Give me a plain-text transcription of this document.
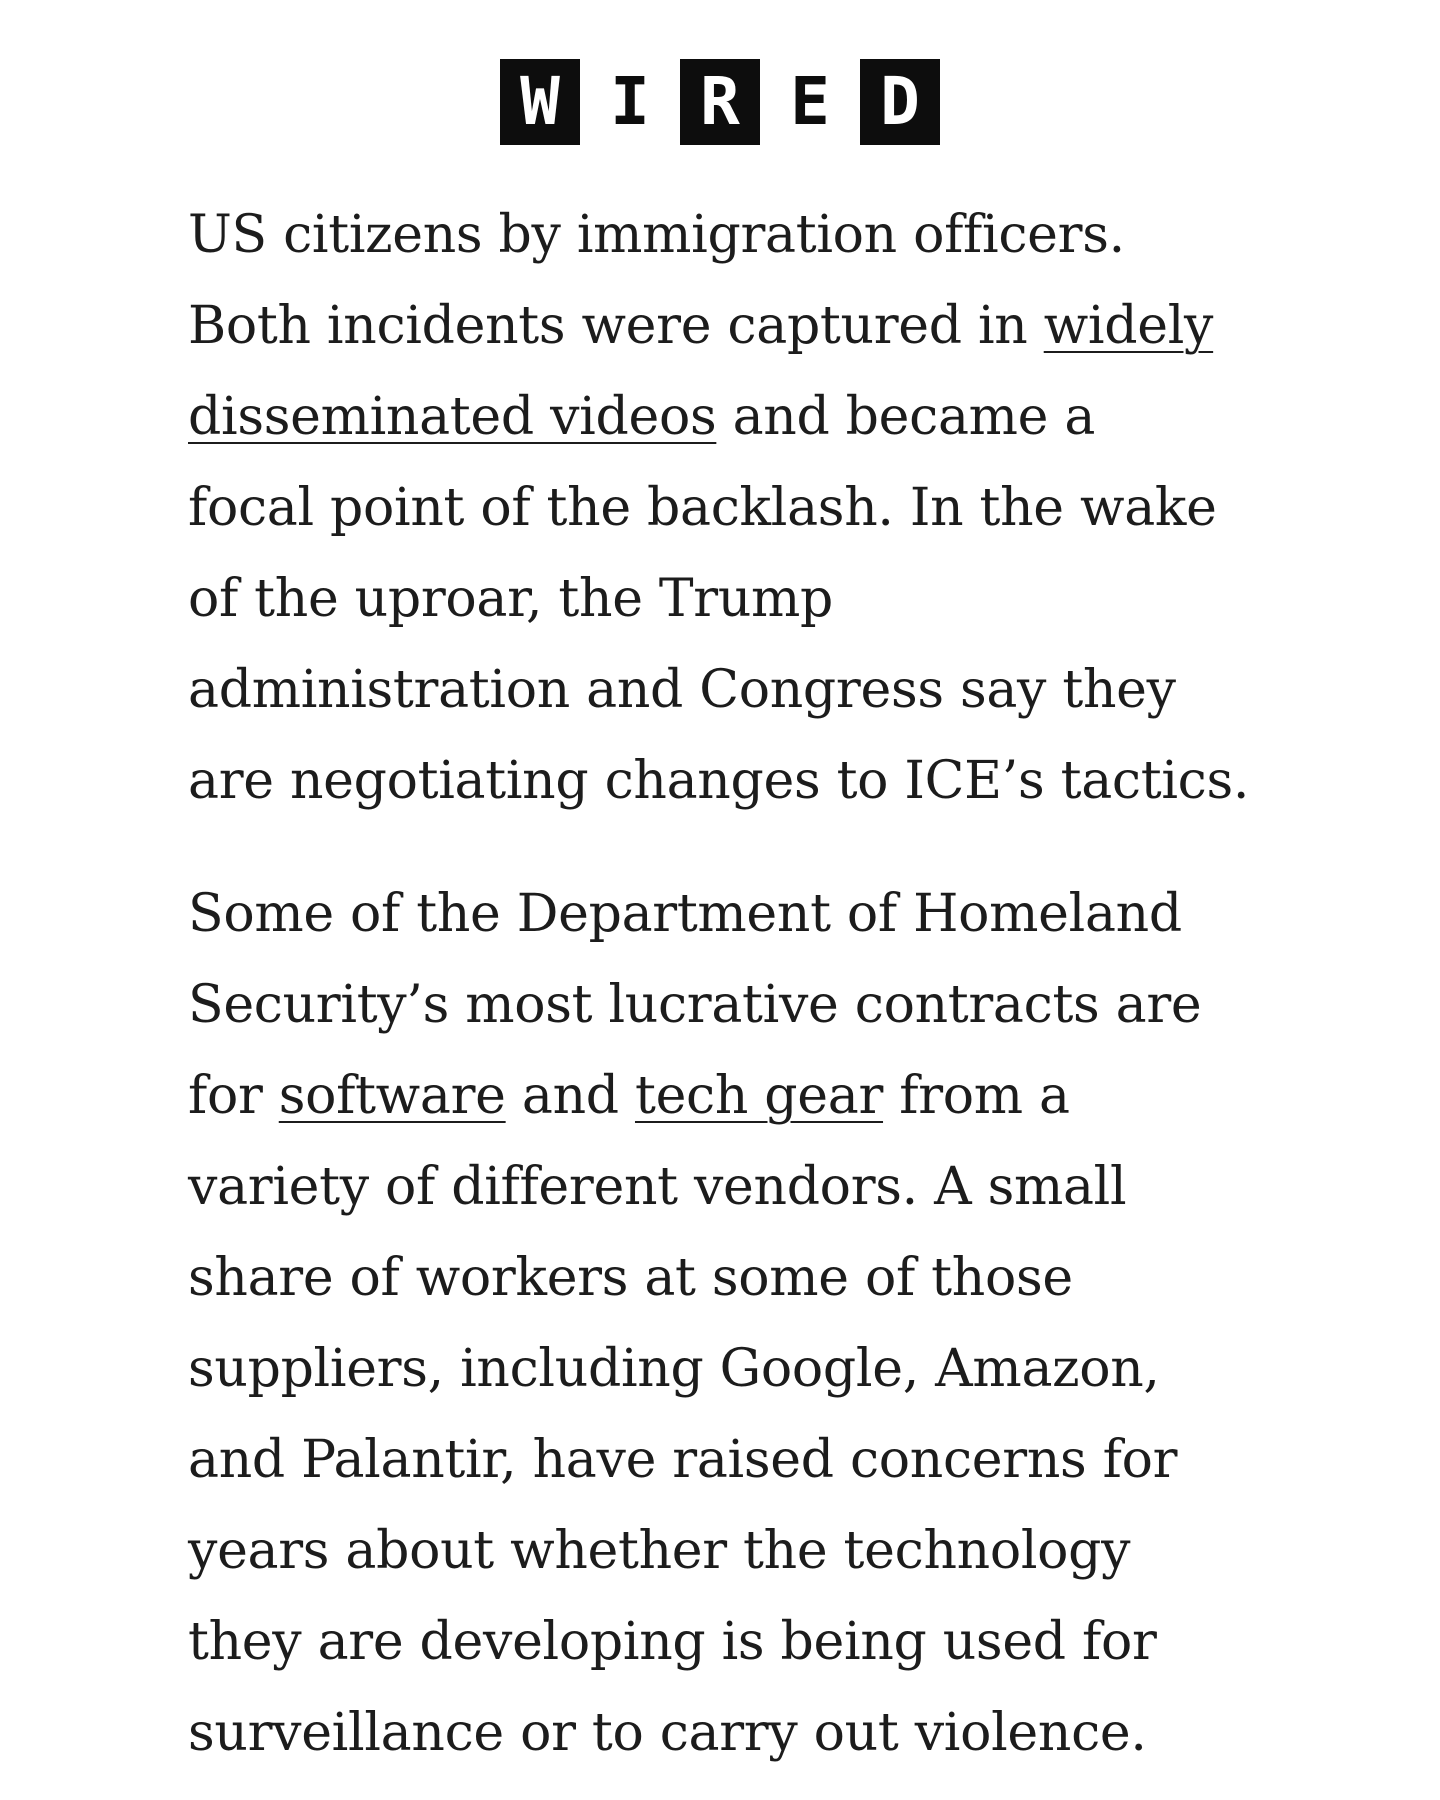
W I R E D

US citizens by immigration officers.
Both incidents were captured in widely
disseminated videos and became a
focal point of the backlash. In the wake
of the uproar, the Trump
administration and Congress say they
are negotiating changes to ICE’s tactics.

Some of the Department of Homeland
Security’s most lucrative contracts are
for software and tech gear from a
variety of different vendors. A small
share of workers at some of those
suppliers, including Google, Amazon,
and Palantir, have raised concerns for
years about whether the technology
they are developing is being used for
surveillance or to carry out violence.
